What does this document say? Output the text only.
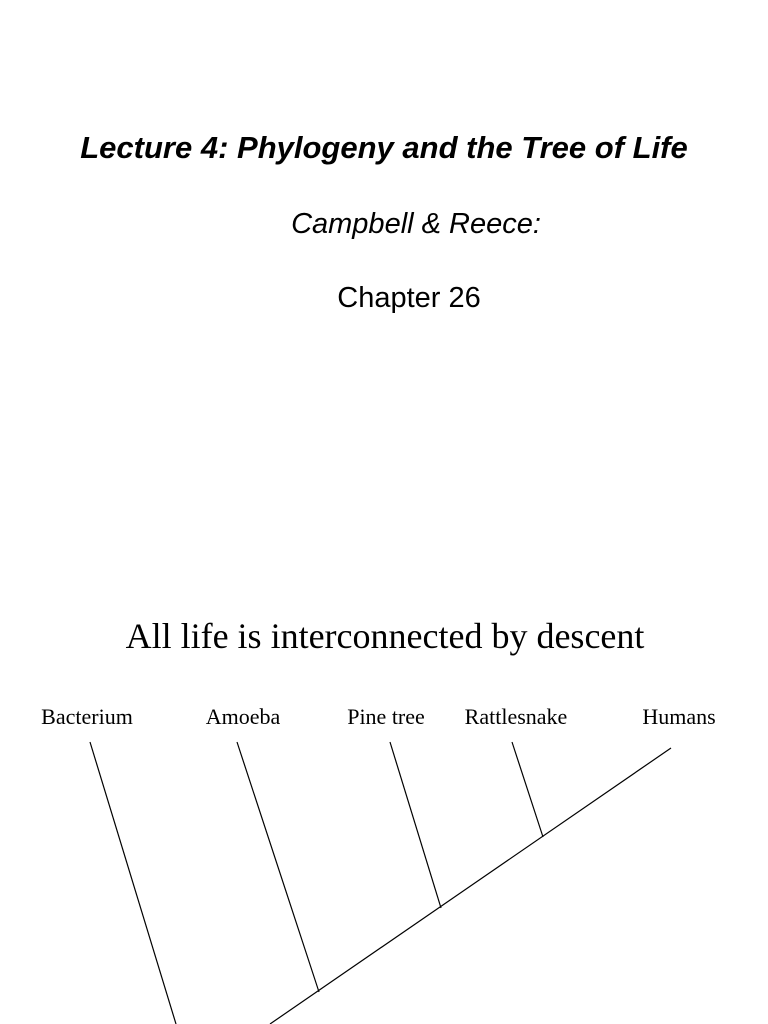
Lecture 4: Phylogeny and the Tree of Life
Campbell & Reece:
Chapter 26
All life is interconnected by descent
Bacterium	Amoeba	Pine tree Rattlesnake	Humans
